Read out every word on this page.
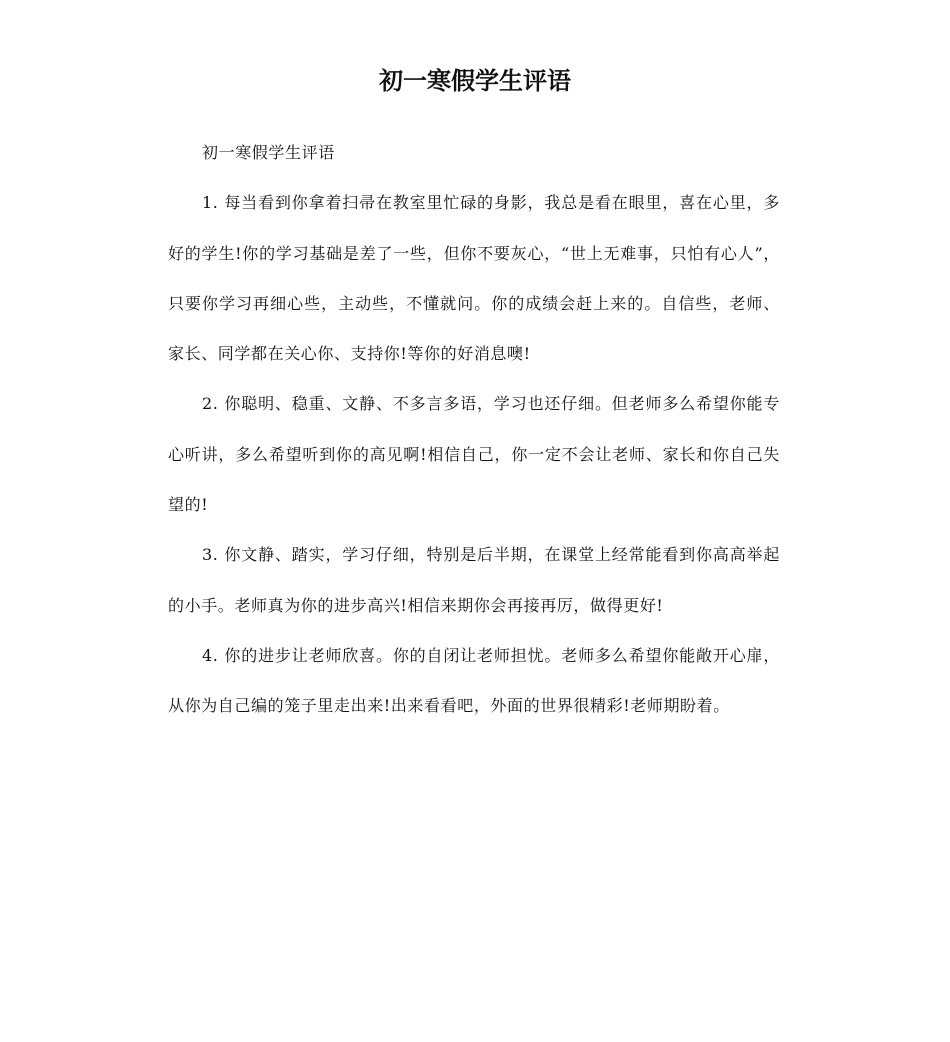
初一寒假学生评语

初一寒假学生评语

1. 每当看到你拿着扫帚在教室里忙碌的身影，我总是看在眼里，喜在心里，多好的学生!你的学习基础是差了一些，但你不要灰心，“世上无难事，只怕有心人”，只要你学习再细心些，主动些，不懂就问。你的成绩会赶上来的。自信些，老师、家长、同学都在关心你、支持你!等你的好消息噢!

2. 你聪明、稳重、文静、不多言多语，学习也还仔细。但老师多么希望你能专心听讲，多么希望听到你的高见啊!相信自己，你一定不会让老师、家长和你自己失望的!

3. 你文静、踏实，学习仔细，特别是后半期，在课堂上经常能看到你高高举起的小手。老师真为你的进步高兴!相信来期你会再接再厉，做得更好!

4. 你的进步让老师欣喜。你的自闭让老师担忧。老师多么希望你能敞开心扉，从你为自己编的笼子里走出来!出来看看吧，外面的世界很精彩!老师期盼着。
